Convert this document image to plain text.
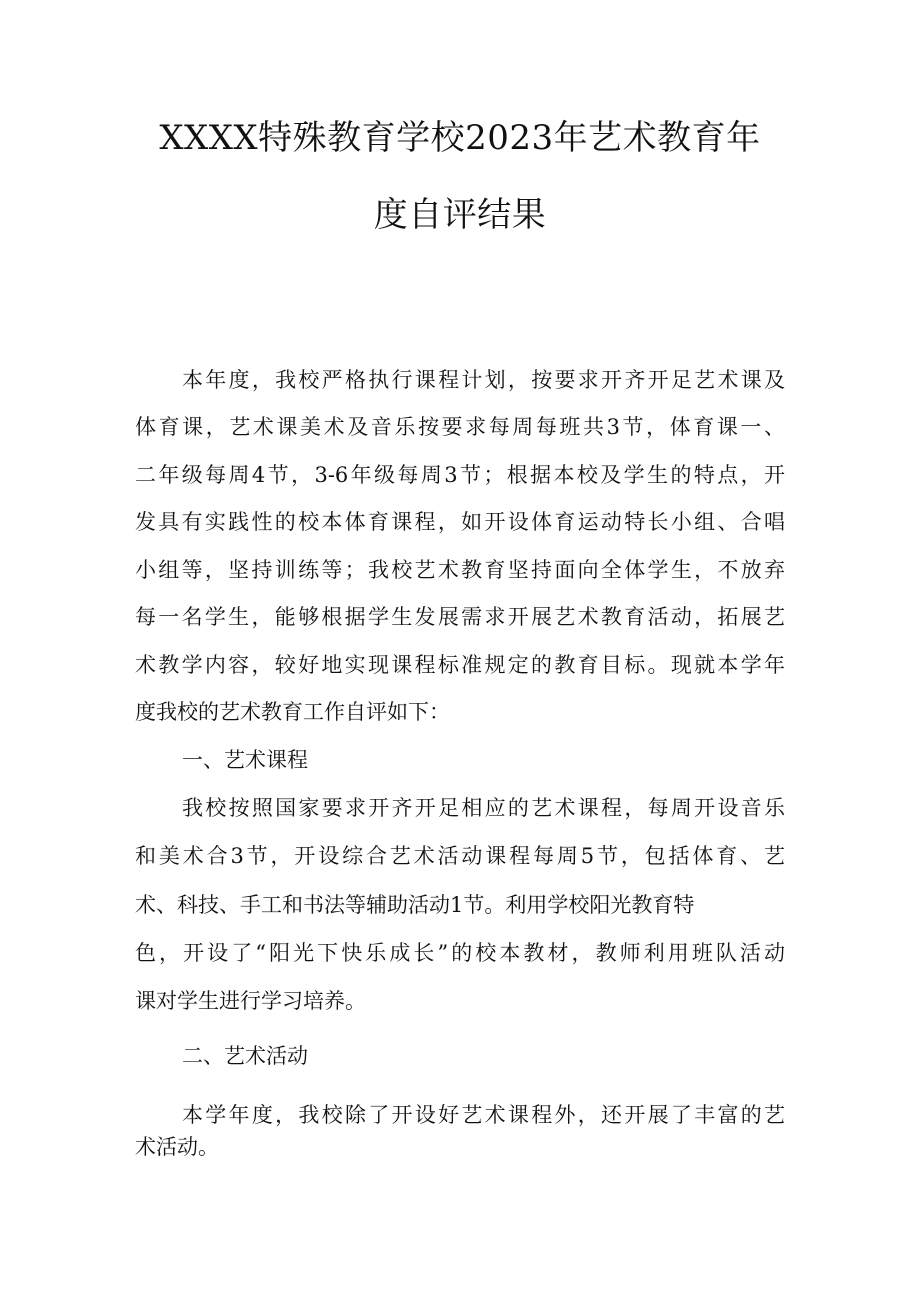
XXXX特殊教育学校2023年艺术教育年
度自评结果
本年度，我校严格执行课程计划，按要求开齐开足艺术课及
体育课，艺术课美术及音乐按要求每周每班共3节，体育课一、
二年级每周4节，3-6年级每周3节；根据本校及学生的特点，开
发具有实践性的校本体育课程，如开设体育运动特长小组、合唱
小组等，坚持训练等；我校艺术教育坚持面向全体学生，不放弃
每一名学生，能够根据学生发展需求开展艺术教育活动，拓展艺
术教学内容，较好地实现课程标准规定的教育目标。现就本学年
度我校的艺术教育工作自评如下：
一、艺术课程
我校按照国家要求开齐开足相应的艺术课程，每周开设音乐
和美术合3节，开设综合艺术活动课程每周5节，包括体育、艺
术、科技、手工和书法等辅助活动1节。利用学校阳光教育特
色，开设了“阳光下快乐成长”的校本教材，教师利用班队活动
课对学生进行学习培养。
二、艺术活动
本学年度，我校除了开设好艺术课程外，还开展了丰富的艺
术活动。
